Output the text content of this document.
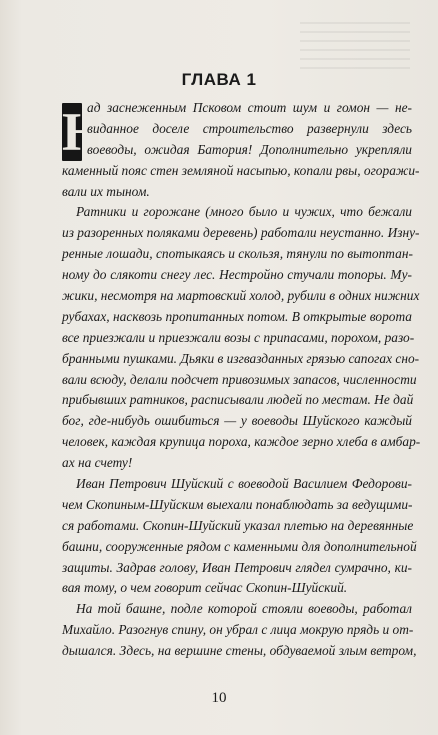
ГЛАВА 1
Н
ад заснеженным Псковом стоит шум и гомон — не-
виданное доселе строительство развернули здесь
воеводы, ожидая Батория! Дополнительно укрепляли
каменный пояс стен земляной насыпью, копали рвы, огоражи-
вали их тыном.
Ратники и горожане (много было и чужих, что бежали
из разоренных поляками деревень) работали неустанно. Изну-
ренные лошади, спотыкаясь и скользя, тянули по вытоптан-
ному до слякоти снегу лес. Нестройно стучали топоры. Му-
жики, несмотря на мартовский холод, рубили в одних нижних
рубахах, насквозь пропитанных потом. В открытые ворота
все приезжали и приезжали возы с припасами, порохом, разо-
бранными пушками. Дьяки в изгвазданных грязью сапогах сно-
вали всюду, делали подсчет привозимых запасов, численности
прибывших ратников, расписывали людей по местам. Не дай
бог, где-нибудь ошибиться — у воеводы Шуйского каждый
человек, каждая крупица пороха, каждое зерно хлеба в амбар-
ах на счету!
Иван Петрович Шуйский с воеводой Василием Федорови-
чем Скопиным-Шуйским выехали понаблюдать за ведущими-
ся работами. Скопин-Шуйский указал плетью на деревянные
башни, сооруженные рядом с каменными для дополнительной
защиты. Задрав голову, Иван Петрович глядел сумрачно, ки-
вая тому, о чем говорит сейчас Скопин-Шуйский.
На той башне, подле которой стояли воеводы, работал
Михайло. Разогнув спину, он убрал с лица мокрую прядь и от-
дышался. Здесь, на вершине стены, обдуваемой злым ветром,
10
